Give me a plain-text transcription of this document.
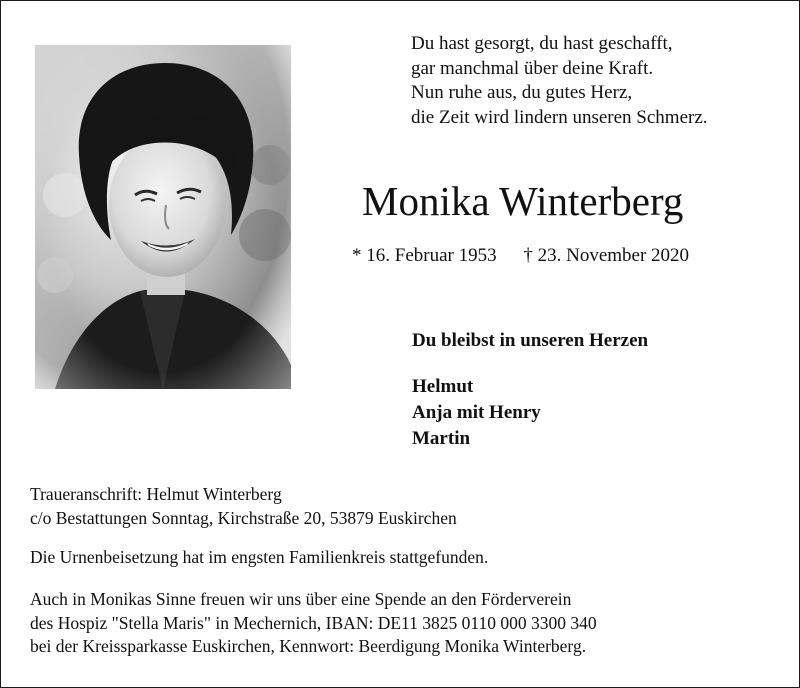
Du hast gesorgt, du hast geschafft,
gar manchmal über deine Kraft.
Nun ruhe aus, du gutes Herz,
die Zeit wird lindern unseren Schmerz.
Monika Winterberg
* 16. Februar 1953 † 23. November 2020
Du bleibst in unseren Herzen
Helmut
Anja mit Henry
Martin
Traueranschrift: Helmut Winterberg
c/o Bestattungen Sonntag, Kirchstraße 20, 53879 Euskirchen
Die Urnenbeisetzung hat im engsten Familienkreis stattgefunden.
Auch in Monikas Sinne freuen wir uns über eine Spende an den Förderverein
des Hospiz "Stella Maris" in Mechernich, IBAN: DE11 3825 0110 000 3300 340
bei der Kreissparkasse Euskirchen, Kennwort: Beerdigung Monika Winterberg.
